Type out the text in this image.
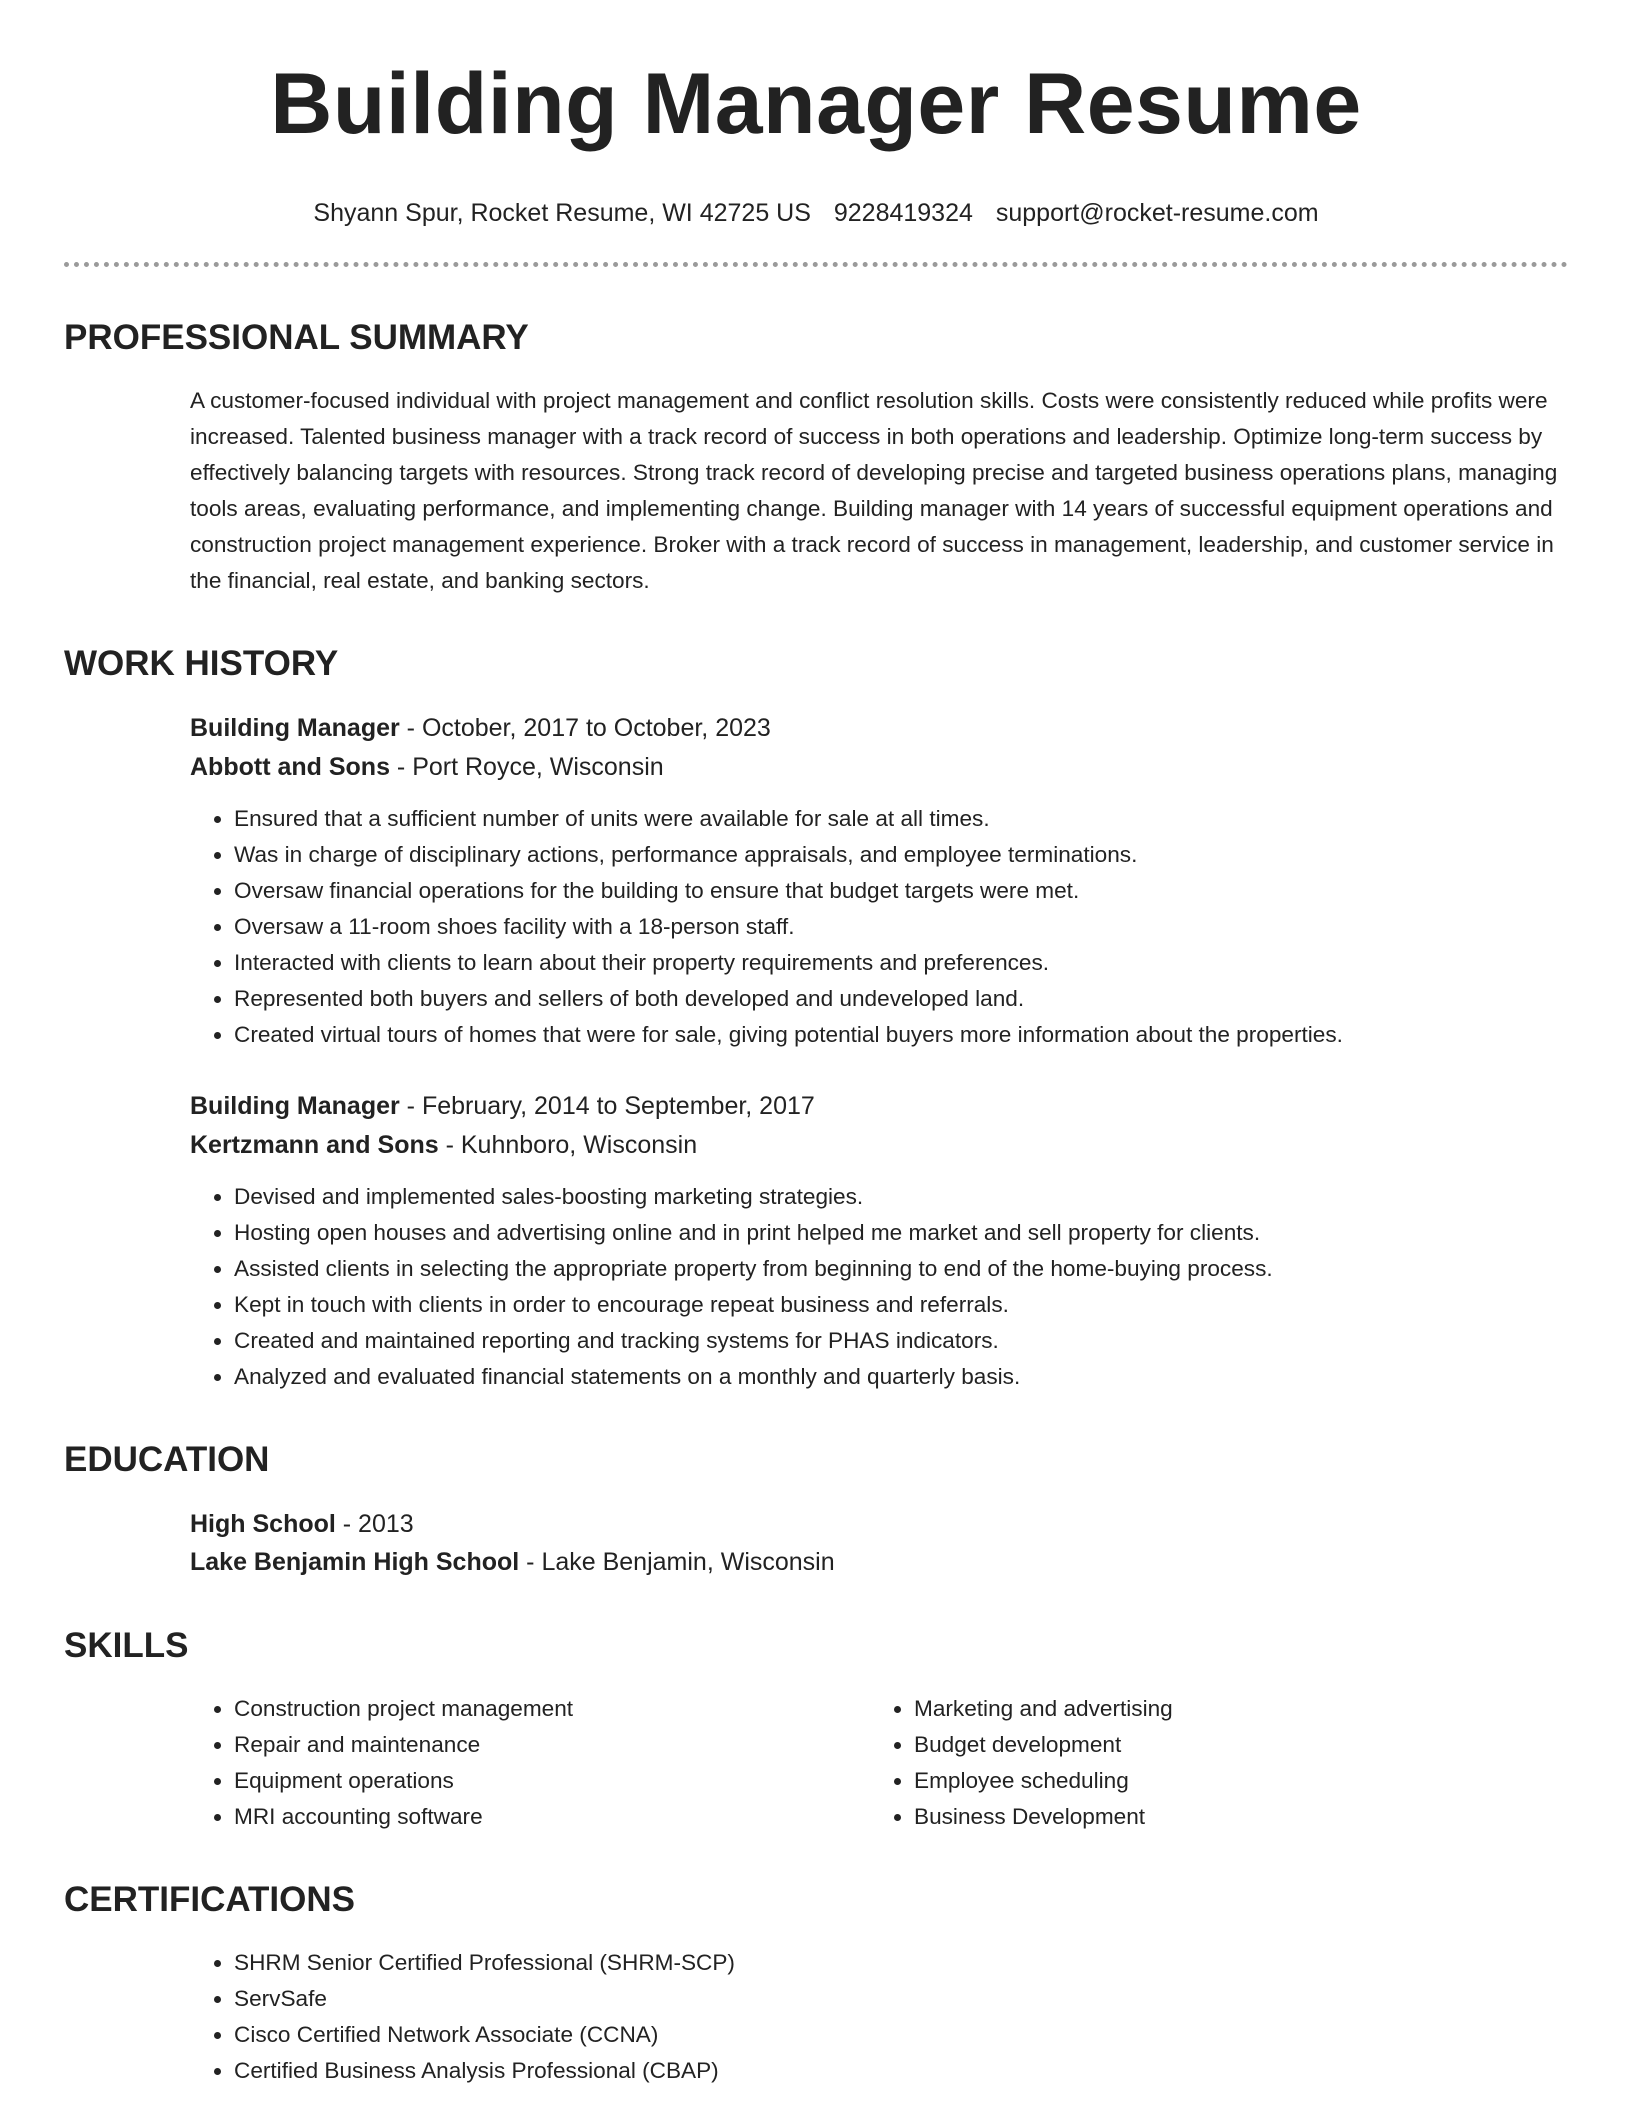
Building Manager Resume
Shyann Spur, Rocket Resume, WI 42725 US 9228419324 support@rocket-resume.com
PROFESSIONAL SUMMARY

A customer-focused individual with project management and conflict resolution skills. Costs were consistently reduced while profits were increased. Talented business manager with a track record of success in both operations and leadership. Optimize long-term success by effectively balancing targets with resources. Strong track record of developing precise and targeted business operations plans, managing tools areas, evaluating performance, and implementing change. Building manager with 14 years of successful equipment operations and construction project management experience. Broker with a track record of success in management, leadership, and customer service in the financial, real estate, and banking sectors.

WORK HISTORY
Building Manager - October, 2017 to October, 2023
Abbott and Sons - Port Royce, Wisconsin
• Ensured that a sufficient number of units were available for sale at all times.
• Was in charge of disciplinary actions, performance appraisals, and employee terminations.
• Oversaw financial operations for the building to ensure that budget targets were met.
• Oversaw a 11-room shoes facility with a 18-person staff.
• Interacted with clients to learn about their property requirements and preferences.
• Represented both buyers and sellers of both developed and undeveloped land.
• Created virtual tours of homes that were for sale, giving potential buyers more information about the properties.
Building Manager - February, 2014 to September, 2017
Kertzmann and Sons - Kuhnboro, Wisconsin
• Devised and implemented sales-boosting marketing strategies.
• Hosting open houses and advertising online and in print helped me market and sell property for clients.
• Assisted clients in selecting the appropriate property from beginning to end of the home-buying process.
• Kept in touch with clients in order to encourage repeat business and referrals.
• Created and maintained reporting and tracking systems for PHAS indicators.
• Analyzed and evaluated financial statements on a monthly and quarterly basis.
EDUCATION
High School - 2013
Lake Benjamin High School - Lake Benjamin, Wisconsin
SKILLS
• Construction project management
• Repair and maintenance
• Equipment operations
• MRI accounting software
• Marketing and advertising
• Budget development
• Employee scheduling
• Business Development
CERTIFICATIONS
• SHRM Senior Certified Professional (SHRM-SCP)
• ServSafe
• Cisco Certified Network Associate (CCNA)
• Certified Business Analysis Professional (CBAP)
